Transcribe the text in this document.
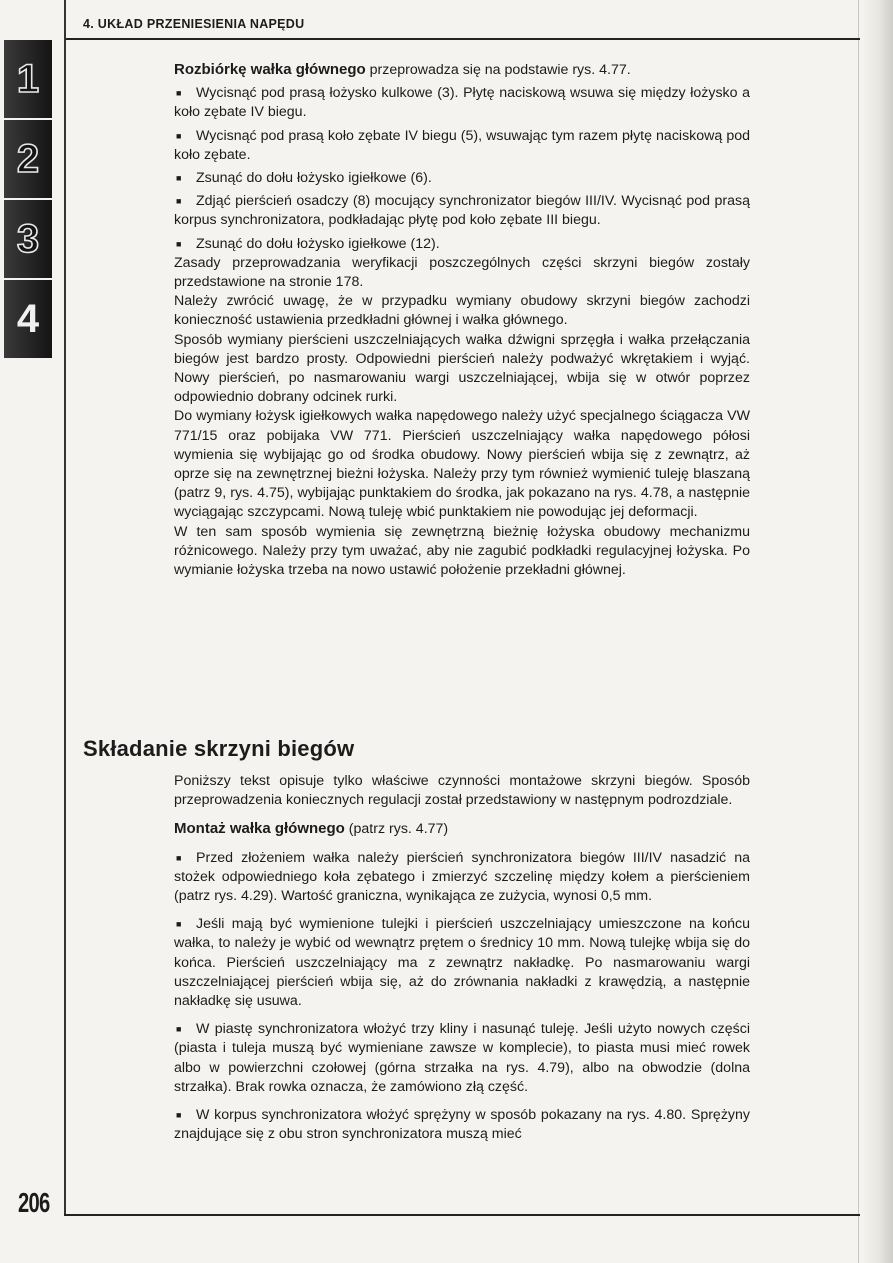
4. UKŁAD PRZENIESIENIA NAPĘDU
1
2
3
4
206

Rozbiórkę wałka głównego przeprowadza się na podstawie rys. 4.77.

■ Wycisnąć pod prasą łożysko kulkowe (3). Płytę naciskową wsuwa się między łożysko a koło zębate IV biegu.

■ Wycisnąć pod prasą koło zębate IV biegu (5), wsuwając tym razem płytę naciskową pod koło zębate.

■ Zsunąć do dołu łożysko igiełkowe (6).

■ Zdjąć pierścień osadczy (8) mocujący synchronizator biegów III/IV. Wycisnąć pod prasą korpus synchronizatora, podkładając płytę pod koło zębate III biegu.

■ Zsunąć do dołu łożysko igiełkowe (12).

Zasady przeprowadzania weryfikacji poszczególnych części skrzyni biegów zostały przedstawione na stronie 178.

Należy zwrócić uwagę, że w przypadku wymiany obudowy skrzyni biegów zachodzi konieczność ustawienia przedkładni głównej i wałka głównego.

Sposób wymiany pierścieni uszczelniających wałka dźwigni sprzęgła i wałka przełączania biegów jest bardzo prosty. Odpowiedni pierścień należy podważyć wkrętakiem i wyjąć. Nowy pierścień, po nasmarowaniu wargi uszczelniającej, wbija się w otwór poprzez odpowiednio dobrany odcinek rurki.

Do wymiany łożysk igiełkowych wałka napędowego należy użyć specjalnego ściągacza VW 771/15 oraz pobijaka VW 771. Pierścień uszczelniający wałka napędowego półosi wymienia się wybijając go od środka obudowy. Nowy pierścień wbija się z zewnątrz, aż oprze się na zewnętrznej bieżni łożyska. Należy przy tym również wymienić tuleję blaszaną (patrz 9, rys. 4.75), wybijając punktakiem do środka, jak pokazano na rys. 4.78, a następnie wyciągając szczypcami. Nową tuleję wbić punktakiem nie powodując jej deformacji.

W ten sam sposób wymienia się zewnętrzną bieżnię łożyska obudowy mechanizmu różnicowego. Należy przy tym uważać, aby nie zagubić podkładki regulacyjnej łożyska. Po wymianie łożyska trzeba na nowo ustawić położenie przekładni głównej.

Składanie skrzyni biegów

Poniższy tekst opisuje tylko właściwe czynności montażowe skrzyni biegów. Sposób przeprowadzenia koniecznych regulacji został przedstawiony w następnym podrozdziale.

Montaż wałka głównego (patrz rys. 4.77)

■ Przed złożeniem wałka należy pierścień synchronizatora biegów III/IV nasadzić na stożek odpowiedniego koła zębatego i zmierzyć szczelinę między kołem a pierścieniem (patrz rys. 4.29). Wartość graniczna, wynikająca ze zużycia, wynosi 0,5 mm.

■ Jeśli mają być wymienione tulejki i pierścień uszczelniający umieszczone na końcu wałka, to należy je wybić od wewnątrz prętem o średnicy 10 mm. Nową tulejkę wbija się do końca. Pierścień uszczelniający ma z zewnątrz nakładkę. Po nasmarowaniu wargi uszczelniającej pierścień wbija się, aż do zrównania nakładki z krawędzią, a następnie nakładkę się usuwa.

■ W piastę synchronizatora włożyć trzy kliny i nasunąć tuleję. Jeśli użyto nowych części (piasta i tuleja muszą być wymieniane zawsze w komplecie), to piasta musi mieć rowek albo w powierzchni czołowej (górna strzałka na rys. 4.79), albo na obwodzie (dolna strzałka). Brak rowka oznacza, że zamówiono złą część.

■ W korpus synchronizatora włożyć sprężyny w sposób pokazany na rys. 4.80. Sprężyny znajdujące się z obu stron synchronizatora muszą mieć
